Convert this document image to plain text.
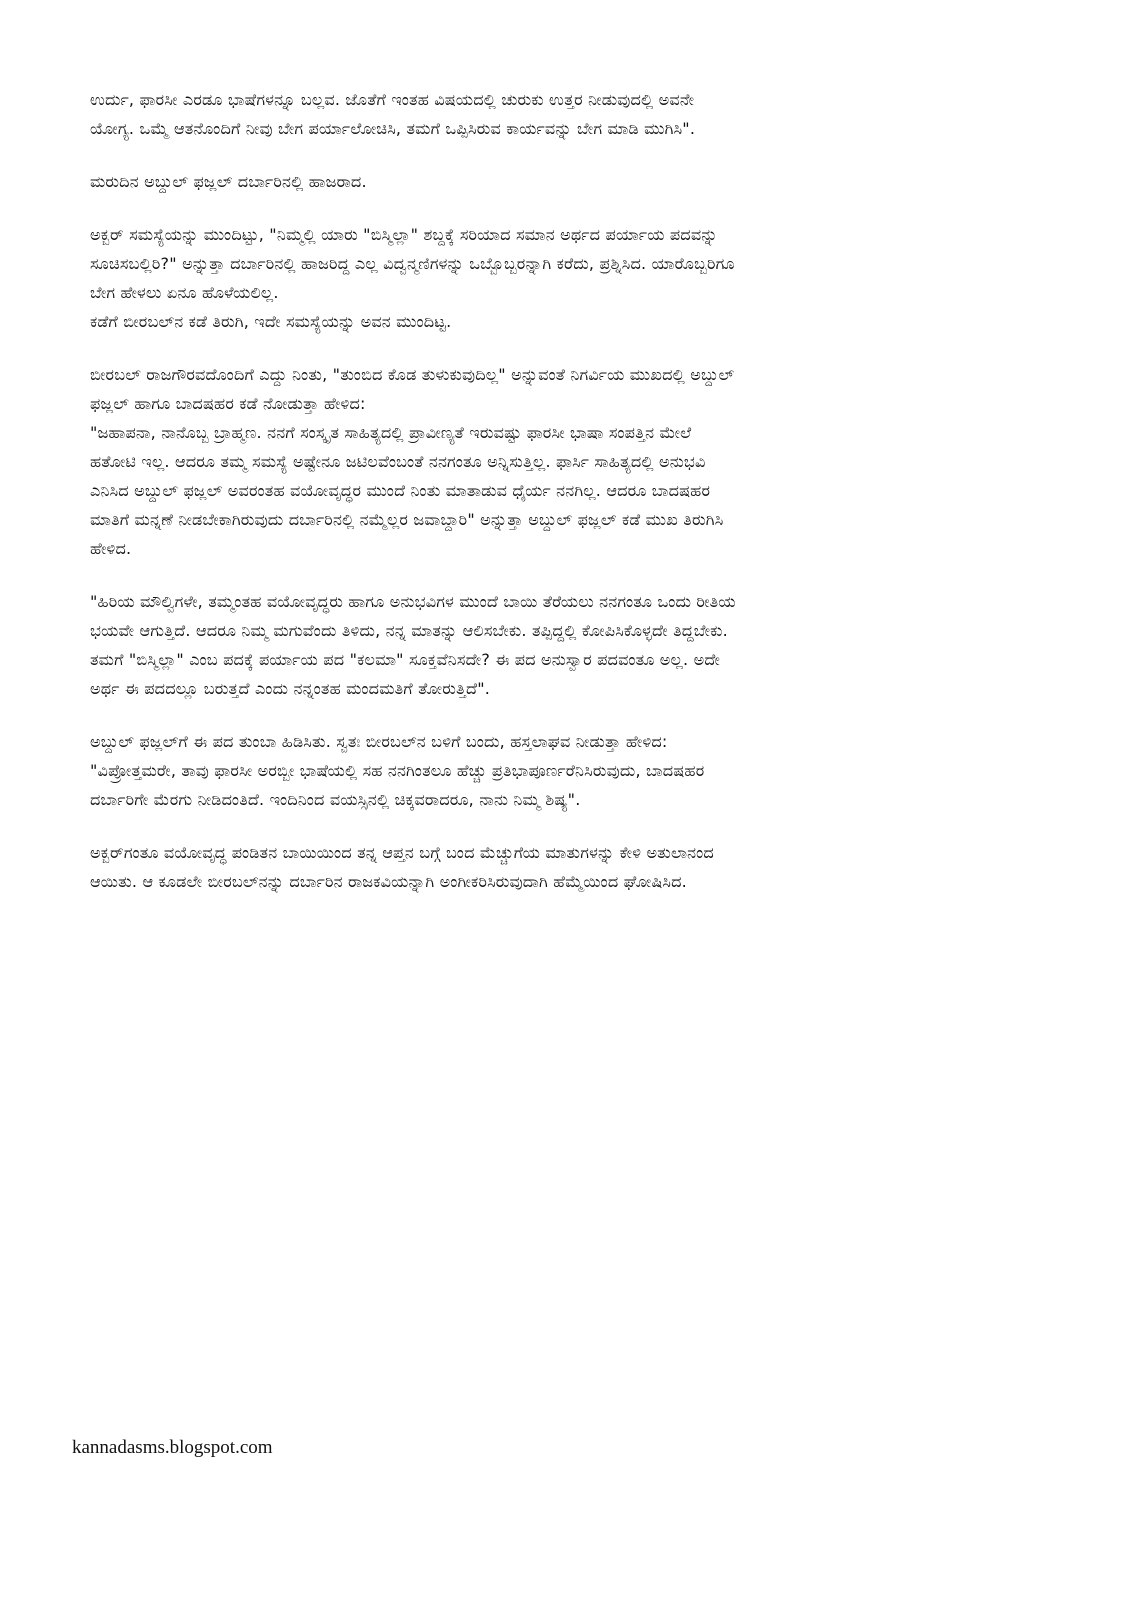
ಉರ್ದು, ಫಾರಸೀ ಎರಡೂ ಭಾಷೆಗಳನ್ನೂ ಬಲ್ಲವ. ಜೊತೆಗೆ ಇಂತಹ ವಿಷಯದಲ್ಲಿ ಚುರುಕು ಉತ್ತರ ನೀಡುವುದಲ್ಲಿ ಅವನೇ
ಯೋಗ್ಯ. ಒಮ್ಮೆ ಆತನೊಂದಿಗೆ ನೀವು ಬೇಗ ಪರ್ಯಾಲೋಚಿಸಿ, ತಮಗೆ ಒಪ್ಪಿಸಿರುವ ಕಾರ್ಯವನ್ನು ಬೇಗ ಮಾಡಿ ಮುಗಿಸಿ".

ಮರುದಿನ ಅಬ್ದುಲ್ ಫಜ್ಲಲ್ ದರ್ಬಾರಿನಲ್ಲಿ ಹಾಜರಾದ.

ಅಕ್ಬರ್ ಸಮಸ್ಯೆಯನ್ನು ಮುಂದಿಟ್ಟು, "ನಿಮ್ಮಲ್ಲಿ ಯಾರು "ಬಿಸ್ಮಿಲ್ಲಾ" ಶಬ್ದಕ್ಕೆ ಸರಿಯಾದ ಸಮಾನ ಅರ್ಥದ ಪರ್ಯಾಯ ಪದವನ್ನು
ಸೂಚಿಸಬಲ್ಲಿರಿ?" ಅನ್ನುತ್ತಾ ದರ್ಬಾರಿನಲ್ಲಿ ಹಾಜರಿದ್ದ ಎಲ್ಲ ವಿದ್ವನ್ಮಣಿಗಳನ್ನು ಒಬ್ಬೊಬ್ಬರನ್ನಾಗಿ ಕರೆದು, ಪ್ರಶ್ನಿಸಿದ. ಯಾರೊಬ್ಬರಿಗೂ
ಬೇಗ ಹೇಳಲು ಏನೂ ಹೊಳೆಯಲಿಲ್ಲ.
ಕಡೆಗೆ ಬೀರಬಲ್‌ನ ಕಡೆ ತಿರುಗಿ, ಇದೇ ಸಮಸ್ಯೆಯನ್ನು ಅವನ ಮುಂದಿಟ್ಟ.

ಬೀರಬಲ್ ರಾಜಗೌರವದೊಂದಿಗೆ ಎದ್ದು ನಿಂತು, "ತುಂಬಿದ ಕೊಡ ತುಳುಕುವುದಿಲ್ಲ" ಅನ್ನುವಂತೆ ನಿಗರ್ವಿಯ ಮುಖದಲ್ಲಿ ಅಬ್ದುಲ್
ಫಜ್ಲಲ್ ಹಾಗೂ ಬಾದಷಹರ ಕಡೆ ನೋಡುತ್ತಾ ಹೇಳಿದ:
"ಜಹಾಪನಾ, ನಾನೊಬ್ಬ ಬ್ರಾಹ್ಮಣ. ನನಗೆ ಸಂಸ್ಕೃತ ಸಾಹಿತ್ಯದಲ್ಲಿ ಪ್ರಾವೀಣ್ಯತೆ ಇರುವಷ್ಟು ಫಾರಸೀ ಭಾಷಾ ಸಂಪತ್ತಿನ ಮೇಲೆ
ಹತೋಟಿ ಇಲ್ಲ. ಆದರೂ ತಮ್ಮ ಸಮಸ್ಯೆ ಅಷ್ಟೇನೂ ಜಟಿಲವೆಂಬಂತೆ ನನಗಂತೂ ಅನ್ನಿಸುತ್ತಿಲ್ಲ. ಫಾರ್ಸಿ ಸಾಹಿತ್ಯದಲ್ಲಿ ಅನುಭವಿ
ಎನಿಸಿದ ಅಬ್ದುಲ್ ಫಜ್ಲಲ್ ಅವರಂತಹ ವಯೋವೃದ್ಧರ ಮುಂದೆ ನಿಂತು ಮಾತಾಡುವ ಧೈರ್ಯ ನನಗಿಲ್ಲ. ಆದರೂ ಬಾದಷಹರ
ಮಾತಿಗೆ ಮನ್ನಣೆ ನೀಡಬೇಕಾಗಿರುವುದು ದರ್ಬಾರಿನಲ್ಲಿ ನಮ್ಮೆಲ್ಲರ ಜವಾಬ್ದಾರಿ" ಅನ್ನುತ್ತಾ ಅಬ್ದುಲ್ ಫಜ್ಲಲ್ ಕಡೆ ಮುಖ ತಿರುಗಿಸಿ
ಹೇಳಿದ.

"ಹಿರಿಯ ಮೌಲ್ವಿಗಳೇ, ತಮ್ಮಂತಹ ವಯೋವೃದ್ಧರು ಹಾಗೂ ಅನುಭವಿಗಳ ಮುಂದೆ ಬಾಯಿ ತೆರೆಯಲು ನನಗಂತೂ ಒಂದು ರೀತಿಯ
ಭಯವೇ ಆಗುತ್ತಿದೆ. ಆದರೂ ನಿಮ್ಮ ಮಗುವೆಂದು ತಿಳಿದು, ನನ್ನ ಮಾತನ್ನು ಆಲಿಸಬೇಕು. ತಪ್ಪಿದ್ದಲ್ಲಿ ಕೋಪಿಸಿಕೊಳ್ಳದೇ ತಿದ್ದಬೇಕು.
ತಮಗೆ "ಬಿಸ್ಮಿಲ್ಲಾ" ಎಂಬ ಪದಕ್ಕೆ ಪರ್ಯಾಯ ಪದ "ಕಲಮಾ" ಸೂಕ್ತವೆನಿಸದೇ? ಈ ಪದ ಅನುಸ್ವಾರ ಪದವಂತೂ ಅಲ್ಲ. ಅದೇ
ಅರ್ಥ ಈ ಪದದಲ್ಲೂ ಬರುತ್ತದೆ ಎಂದು ನನ್ನಂತಹ ಮಂದಮತಿಗೆ ತೋರುತ್ತಿದೆ".

ಅಬ್ದುಲ್ ಫಜ್ಲಲ್‌ಗೆ ಈ ಪದ ತುಂಬಾ ಹಿಡಿಸಿತು. ಸ್ವತಃ ಬೀರಬಲ್‌ನ ಬಳಿಗೆ ಬಂದು, ಹಸ್ತಲಾಘವ ನೀಡುತ್ತಾ ಹೇಳಿದ:
"ವಿಪ್ರೋತ್ತಮರೇ, ತಾವು ಫಾರಸೀ ಅರಬ್ಬೀ ಭಾಷೆಯಲ್ಲಿ ಸಹ ನನಗಿಂತಲೂ ಹೆಚ್ಚು ಪ್ರತಿಭಾಪೂರ್ಣರೆನಿಸಿರುವುದು, ಬಾದಷಹರ
ದರ್ಬಾರಿಗೇ ಮೆರಗು ನೀಡಿದಂತಿದೆ. ಇಂದಿನಿಂದ ವಯಸ್ಸಿನಲ್ಲಿ ಚಿಕ್ಕವರಾದರೂ, ನಾನು ನಿಮ್ಮ ಶಿಷ್ಯ".

ಅಕ್ಬರ್‌ಗಂತೂ ವಯೋವೃದ್ಧ ಪಂಡಿತನ ಬಾಯಿಯಿಂದ ತನ್ನ ಆಪ್ತನ ಬಗ್ಗೆ ಬಂದ ಮೆಚ್ಚುಗೆಯ ಮಾತುಗಳನ್ನು ಕೇಳಿ ಅತುಲಾನಂದ
ಆಯಿತು. ಆ ಕೂಡಲೇ ಬೀರಬಲ್‌ನನ್ನು ದರ್ಬಾರಿನ ರಾಜಕವಿಯನ್ನಾಗಿ ಅಂಗೀಕರಿಸಿರುವುದಾಗಿ ಹೆಮ್ಮೆಯಿಂದ ಘೋಷಿಸಿದ.

kannadasms.blogspot.com
